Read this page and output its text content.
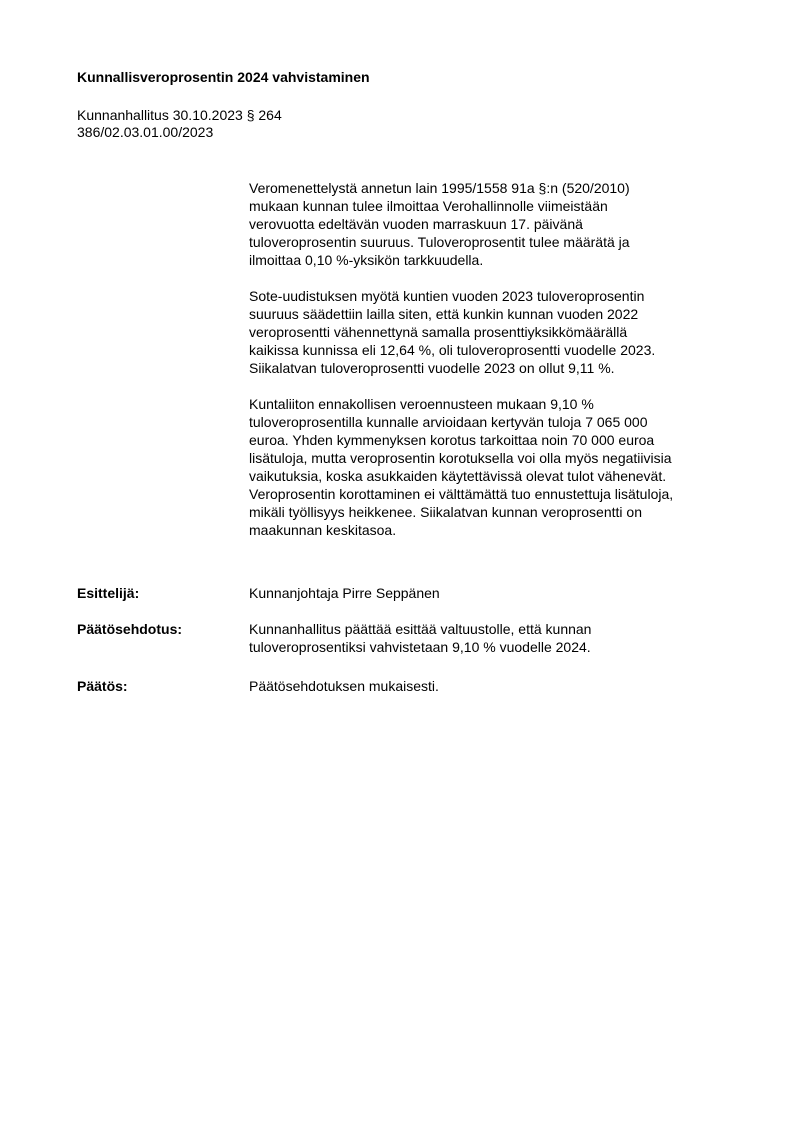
Kunnallisveroprosentin 2024 vahvistaminen
Kunnanhallitus 30.10.2023 § 264
386/02.03.01.00/2023

Veromenettelystä annetun lain 1995/1558 91a §:n (520/2010)
mukaan kunnan tulee ilmoittaa Verohallinnolle viimeistään
verovuotta edeltävän vuoden marraskuun 17. päivänä
tuloveroprosentin suuruus. Tuloveroprosentit tulee määrätä ja
ilmoittaa 0,10 %-yksikön tarkkuudella.

Sote-uudistuksen myötä kuntien vuoden 2023 tuloveroprosentin
suuruus säädettiin lailla siten, että kunkin kunnan vuoden 2022
veroprosentti vähennettynä samalla prosenttiyksikkömäärällä
kaikissa kunnissa eli 12,64 %, oli tuloveroprosentti vuodelle 2023.
Siikalatvan tuloveroprosentti vuodelle 2023 on ollut 9,11 %.

Kuntaliiton ennakollisen veroennusteen mukaan 9,10 %
tuloveroprosentilla kunnalle arvioidaan kertyvän tuloja 7 065 000
euroa. Yhden kymmenyksen korotus tarkoittaa noin 70 000 euroa
lisätuloja, mutta veroprosentin korotuksella voi olla myös negatiivisia
vaikutuksia, koska asukkaiden käytettävissä olevat tulot vähenevät.
Veroprosentin korottaminen ei välttämättä tuo ennustettuja lisätuloja,
mikäli työllisyys heikkenee. Siikalatvan kunnan veroprosentti on
maakunnan keskitasoa.

Esittelijä:	Kunnanjohtaja Pirre Seppänen
Päätösehdotus:	Kunnanhallitus päättää esittää valtuustolle, että kunnan
tuloveroprosentiksi vahvistetaan 9,10 % vuodelle 2024.
Päätös:	Päätösehdotuksen mukaisesti.
